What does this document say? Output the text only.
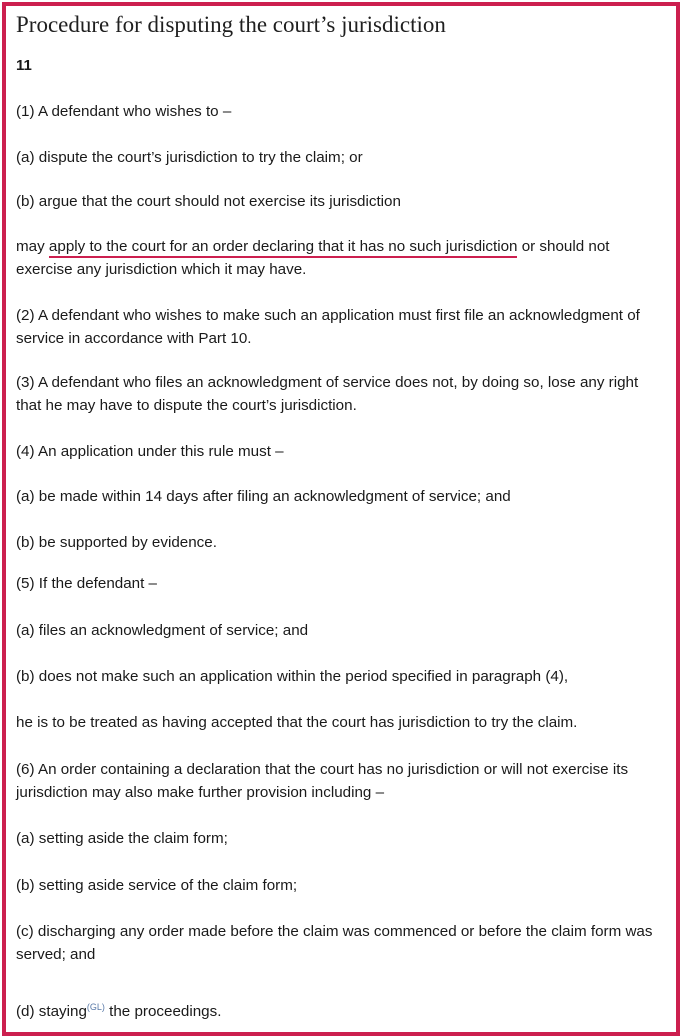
Procedure for disputing the court’s jurisdiction
11

(1) A defendant who wishes to –

(a) dispute the court’s jurisdiction to try the claim; or

(b) argue that the court should not exercise its jurisdiction

may apply to the court for an order declaring that it has no such jurisdiction or should not exercise any jurisdiction which it may have.

(2) A defendant who wishes to make such an application must first file an acknowledgment of service in accordance with Part 10.

(3) A defendant who files an acknowledgment of service does not, by doing so, lose any right that he may have to dispute the court’s jurisdiction.

(4) An application under this rule must –

(a) be made within 14 days after filing an acknowledgment of service; and

(b) be supported by evidence.

(5) If the defendant –

(a) files an acknowledgment of service; and

(b) does not make such an application within the period specified in paragraph (4),

he is to be treated as having accepted that the court has jurisdiction to try the claim.

(6) An order containing a declaration that the court has no jurisdiction or will not exercise its jurisdiction may also make further provision including –

(a) setting aside the claim form;

(b) setting aside service of the claim form;

(c) discharging any order made before the claim was commenced or before the claim form was served; and

(d) staying$^{(GL)}$ the proceedings.
